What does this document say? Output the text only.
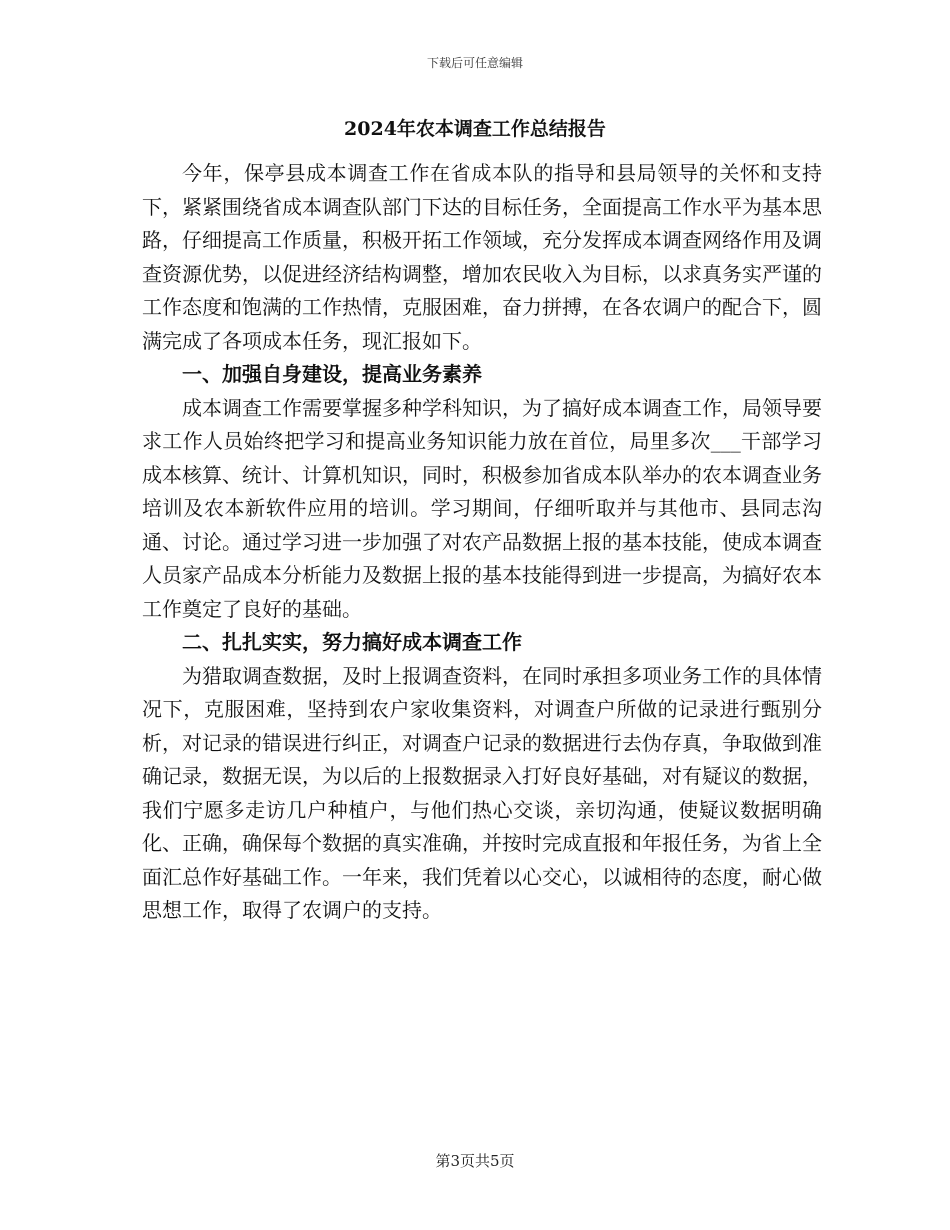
下载后可任意编辑
2024年农本调查工作总结报告

今年，保亭县成本调查工作在省成本队的指导和县局领导的关怀和支持下，紧紧围绕省成本调查队部门下达的目标任务，全面提高工作水平为基本思路，仔细提高工作质量，积极开拓工作领域，充分发挥成本调查网络作用及调查资源优势，以促进经济结构调整，增加农民收入为目标，以求真务实严谨的工作态度和饱满的工作热情，克服困难，奋力拼搏，在各农调户的配合下，圆满完成了各项成本任务，现汇报如下。

一、加强自身建设，提高业务素养

成本调查工作需要掌握多种学科知识，为了搞好成本调查工作，局领导要求工作人员始终把学习和提高业务知识能力放在首位，局里多次___干部学习成本核算、统计、计算机知识，同时，积极参加省成本队举办的农本调查业务培训及农本新软件应用的培训。学习期间，仔细听取并与其他市、县同志沟通、讨论。通过学习进一步加强了对农产品数据上报的基本技能，使成本调查人员家产品成本分析能力及数据上报的基本技能得到进一步提高，为搞好农本工作奠定了良好的基础。

二、扎扎实实，努力搞好成本调查工作

为猎取调查数据，及时上报调查资料，在同时承担多项业务工作的具体情况下，克服困难，坚持到农户家收集资料，对调查户所做的记录进行甄别分析，对记录的错误进行纠正，对调查户记录的数据进行去伪存真，争取做到准确记录，数据无误，为以后的上报数据录入打好良好基础，对有疑议的数据，我们宁愿多走访几户种植户，与他们热心交谈，亲切沟通，使疑议数据明确化、正确，确保每个数据的真实准确，并按时完成直报和年报任务，为省上全面汇总作好基础工作。一年来，我们凭着以心交心，以诚相待的态度，耐心做思想工作，取得了农调户的支持。

第3页共5页
